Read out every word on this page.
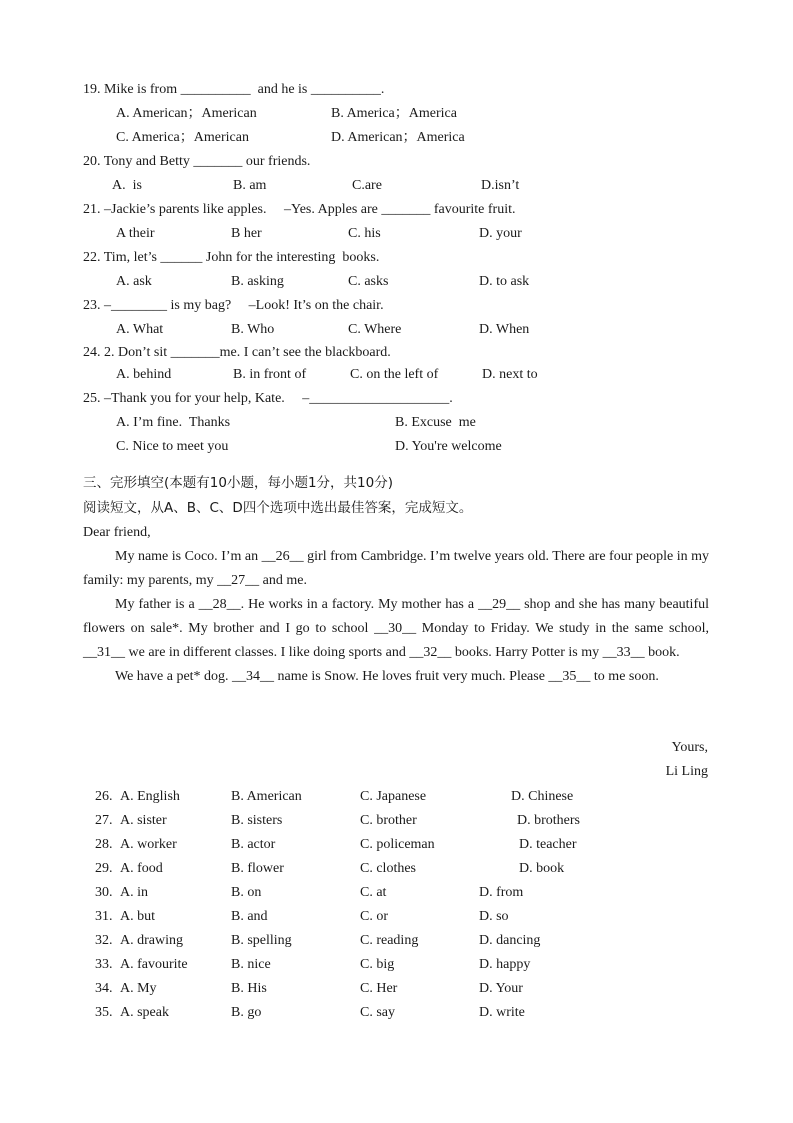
19. Mike is from __________  and he is __________.
A. American；American	B. America；America
C. America；American	D. American；America
20. Tony and Betty _______ our friends.
A.  is	B. am	C.are	D.isn’t
21. –Jackie’s parents like apples.     –Yes. Apples are _______ favourite fruit.
A their	B her	C. his	D. your
22. Tim, let’s ______ John for the interesting  books.
A. ask	B. asking	C. asks	D. to ask
23. –________ is my bag?     –Look! It’s on the chair.
A. What	B. Who	C. Where	D. When
24. 2. Don’t sit _______me. I can’t see the blackboard.
A. behind	B. in front of	C. on the left of	D. next to
25. –Thank you for your help, Kate.     –____________________.
A. I’m fine.  Thanks	B. Excuse  me
C. Nice to meet you	D. You're welcome
三、完形填空(本题有10小题，每小题1分，共10分)
阅读短文，从A、B、C、D四个选项中选出最佳答案，完成短文。
Dear friend,

My name is Coco. I’m an __26__ girl from Cambridge. I’m twelve years old. There are four people in my family: my parents, my __27__ and me.

My father is a __28__. He works in a factory. My mother has a __29__ shop and she has many beautiful flowers on sale*. My brother and I go to school __30__ Monday to Friday. We study in the same school, __31__ we are in different classes. I like doing sports and __32__ books. Harry Potter is my __33__ book.

We have a pet* dog. __34__ name is Snow. He loves fruit very much. Please __35__ to me soon.

Yours,
Li Ling
26. A. English	B. American	C. Japanese	D. Chinese
27. A. sister	B. sisters	C. brother	D. brothers
28. A. worker	B. actor	C. policeman	D. teacher
29. A. food	B. flower	C. clothes	D. book
30. A. in	B. on	C. at	D. from
31. A. but	B. and	C. or	D. so
32. A. drawing	B. spelling	C. reading	D. dancing
33. A. favourite	B. nice	C. big	D. happy
34. A. My	B. His	C. Her	D. Your
35. A. speak	B. go	C. say	D. write
